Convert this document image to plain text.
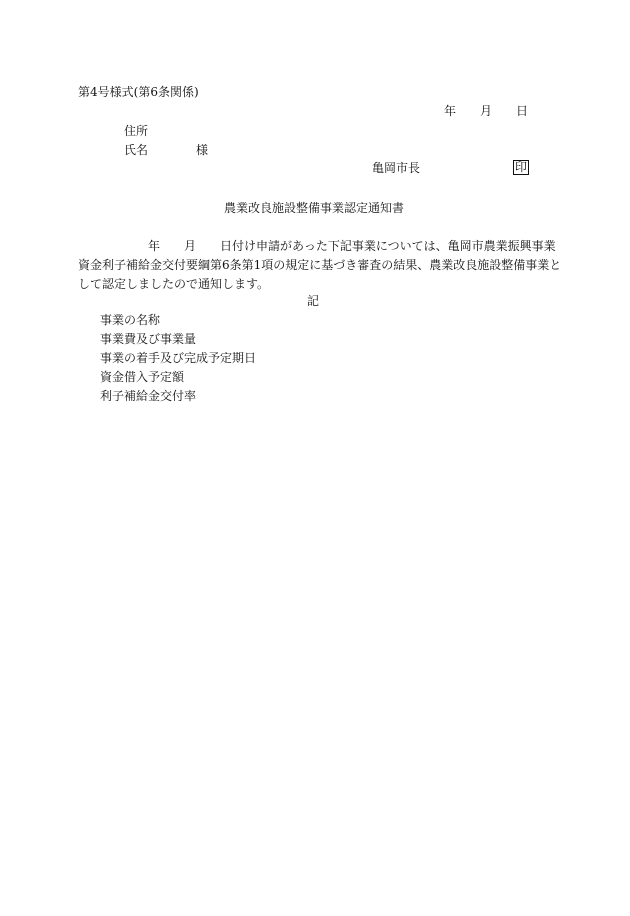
第4号様式(第6条関係)
年 月 日
住所
氏名	様
亀岡市長	印
農業改良施設整備事業認定通知書
年 月 日付け申請があった下記事業については、亀岡市農業振興事業
資金利子補給金交付要綱第6条第1項の規定に基づき審査の結果、農業改良施設整備事業と
して認定しましたので通知します。
記
事業の名称
事業費及び事業量
事業の着手及び完成予定期日
資金借入予定額
利子補給金交付率
